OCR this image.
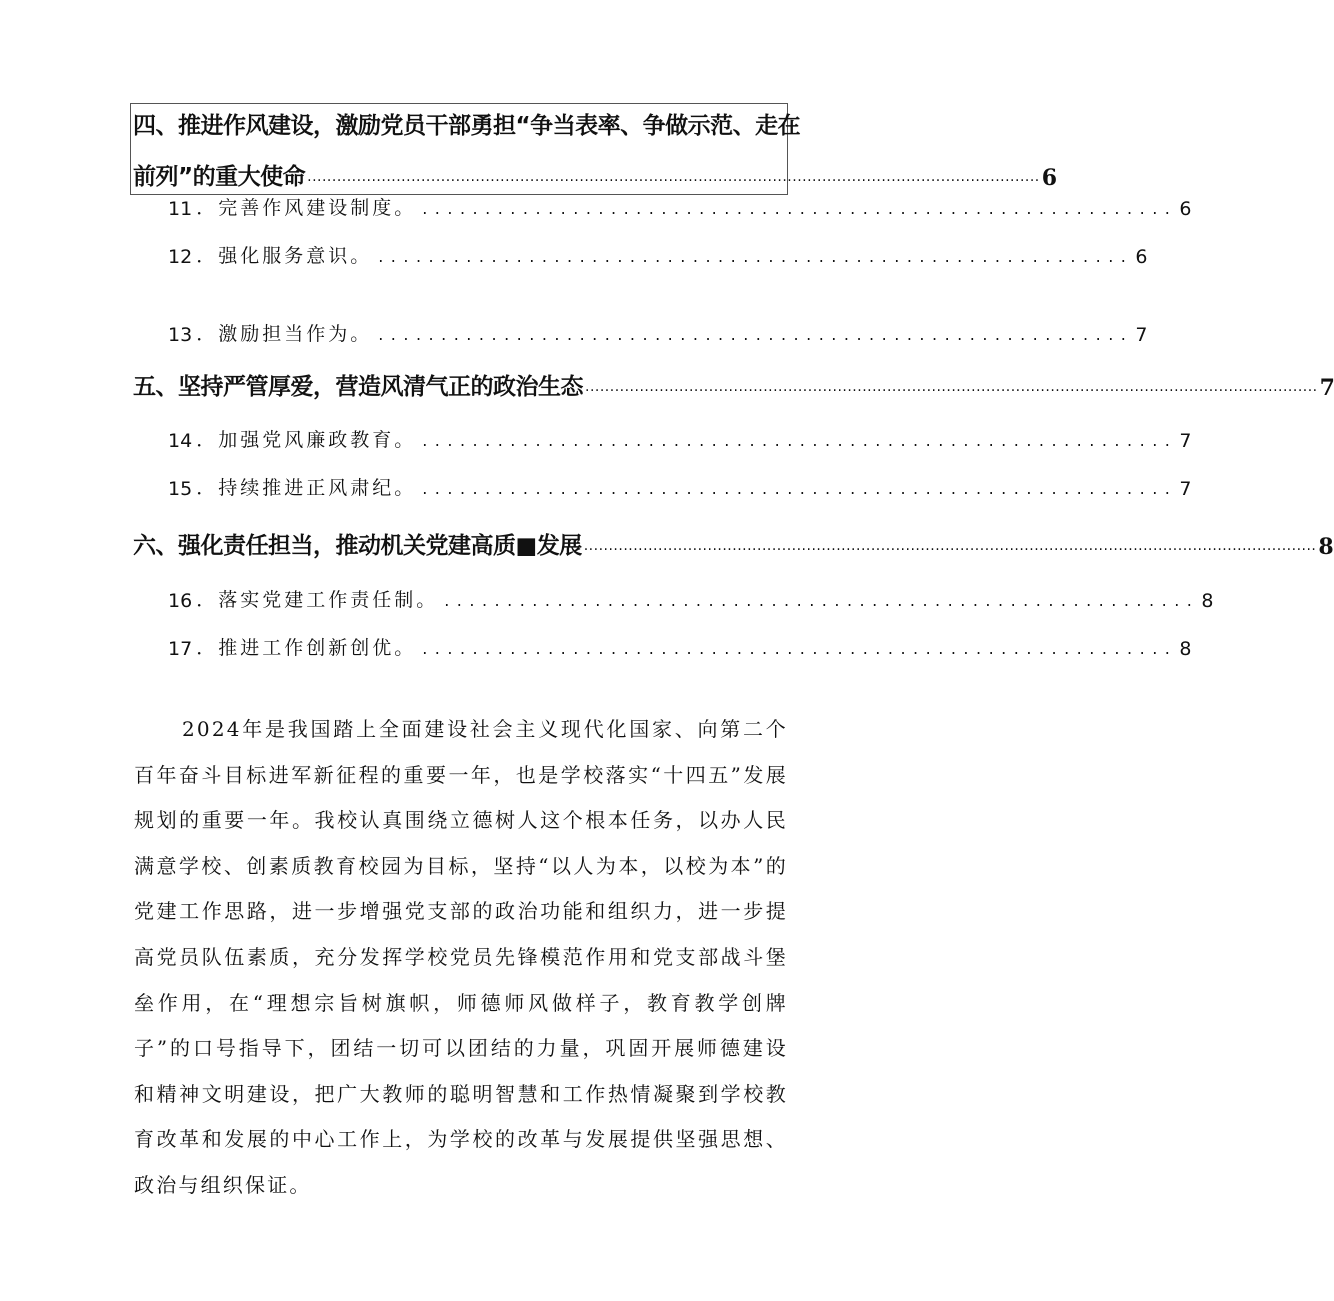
四、推进作风建设，激励党员干部勇担“争当表率、争做示范、走在
前列”的重大使命 .................................................................................................................................................... 6
11 ．完善作风建设制度。 ............................................................ 6
12 ．强化服务意识。 ............................................................ 6
13 ．激励担当作为。 ............................................................ 7
五、坚持严管厚爱，营造风清气正的政治生态 .................................................................................................................................................... 7
14 ．加强党风廉政教育。 ............................................................ 7
15 ．持续推进正风肃纪。 ............................................................ 7
六、强化责任担当，推动机关党建高质■发展 .................................................................................................................................................... 8
16 ．落实党建工作责任制。 ............................................................ 8
17 ．推进工作创新创优。 ............................................................ 8

2024年是我国踏上全面建设社会主义现代化国家、向第二个百年奋斗目标进军新征程的重要一年，也是学校落实“十四五”发展规划的重要一年。我校认真围绕立德树人这个根本任务，以办人民满意学校、创素质教育校园为目标，坚持“以人为本，以校为本”的党建工作思路，进一步增强党支部的政治功能和组织力，进一步提高党员队伍素质，充分发挥学校党员先锋模范作用和党支部战斗堡垒作用，在“理想宗旨树旗帜，师德师风做样子，教育教学创牌子”的口号指导下，团结一切可以团结的力量，巩固开展师德建设和精神文明建设，把广大教师的聪明智慧和工作热情凝聚到学校教育改革和发展的中心工作上，为学校的改革与发展提供坚强思想、政治与组织保证。
